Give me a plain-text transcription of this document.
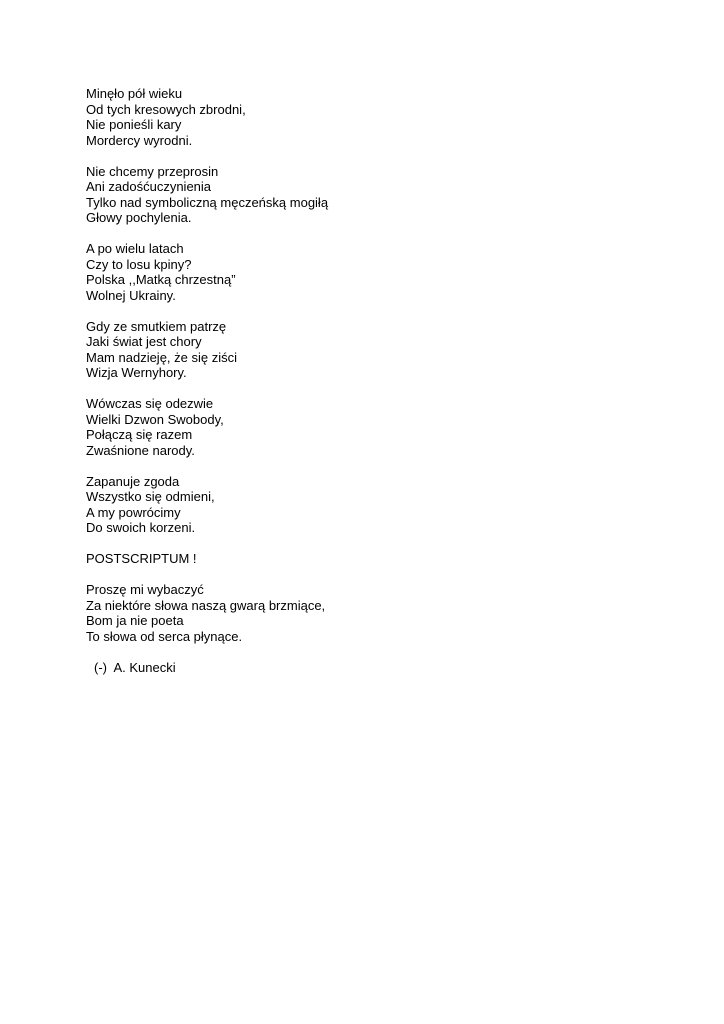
Minęło pół wieku
Od tych kresowych zbrodni,
Nie ponieśli kary
Mordercy wyrodni.
Nie chcemy przeprosin
Ani zadośćuczynienia
Tylko nad symboliczną męczeńską mogiłą
Głowy pochylenia.
A po wielu latach
Czy to losu kpiny?
Polska ,,Matką chrzestną”
Wolnej Ukrainy.
Gdy ze smutkiem patrzę
Jaki świat jest chory
Mam nadzieję, że się ziści
Wizja Wernyhory.
Wówczas się odezwie
Wielki Dzwon Swobody,
Połączą się razem
Zwaśnione narody.
Zapanuje zgoda
Wszystko się odmieni,
A my powrócimy
Do swoich korzeni.
POSTSCRIPTUM !
Proszę mi wybaczyć
Za niektóre słowa naszą gwarą brzmiące,
Bom ja nie poeta
To słowa od serca płynące.
(-)  A. Kunecki
